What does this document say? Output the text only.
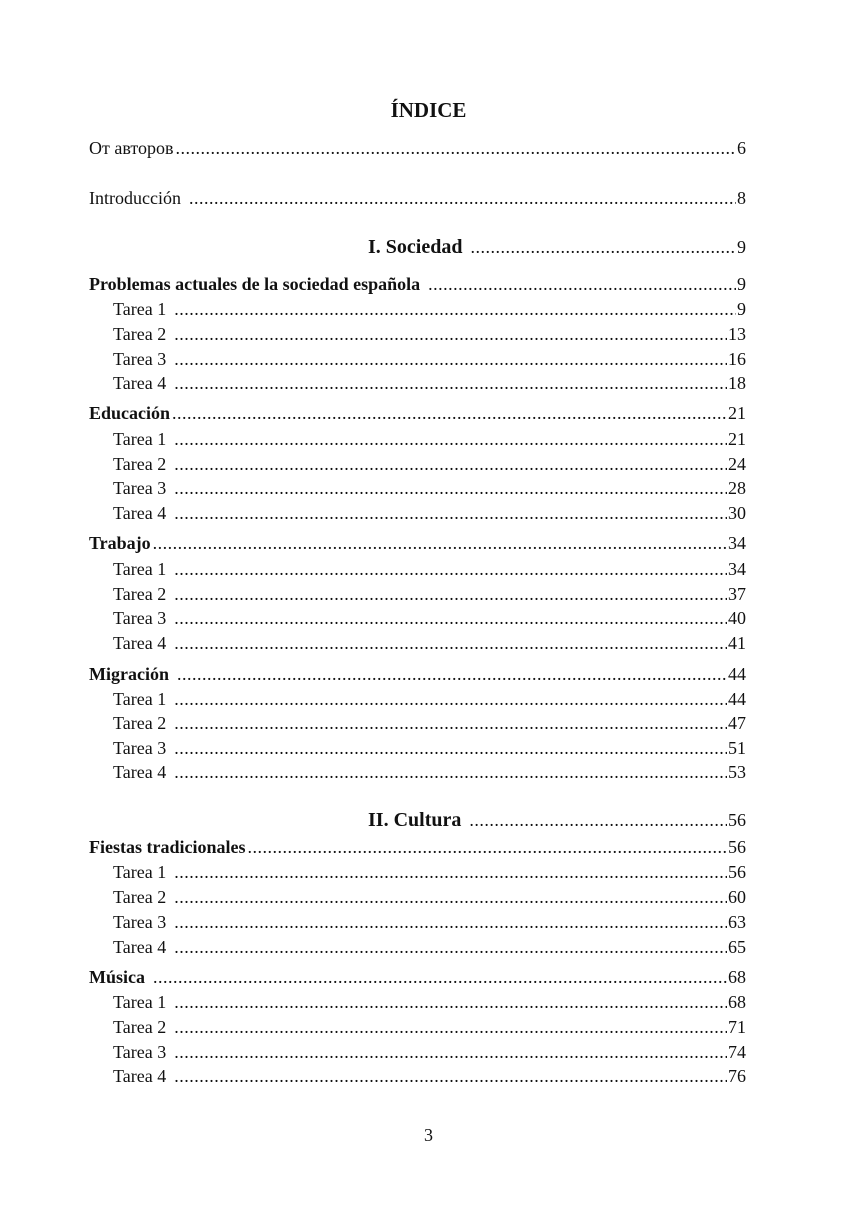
ÍNDICE
От авторов .....	6
Introducción .....	8
I. Sociedad .....	9
Problemas actuales de la sociedad española .....	9
Tarea 1 .....	9
Tarea 2 .....	13
Tarea 3 .....	16
Tarea 4 .....	18
Educación .....	21
Tarea 1 .....	21
Tarea 2 .....	24
Tarea 3 .....	28
Tarea 4 .....	30
Trabajo .....	34
Tarea 1 .....	34
Tarea 2 .....	37
Tarea 3 .....	40
Tarea 4 .....	41
Migración .....	44
Tarea 1 .....	44
Tarea 2 .....	47
Tarea 3 .....	51
Tarea 4 .....	53
II. Cultura .....	56
Fiestas tradicionales .....	56
Tarea 1 .....	56
Tarea 2 .....	60
Tarea 3 .....	63
Tarea 4 .....	65
Música .....	68
Tarea 1 .....	68
Tarea 2 .....	71
Tarea 3 .....	74
Tarea 4 .....	76
3
